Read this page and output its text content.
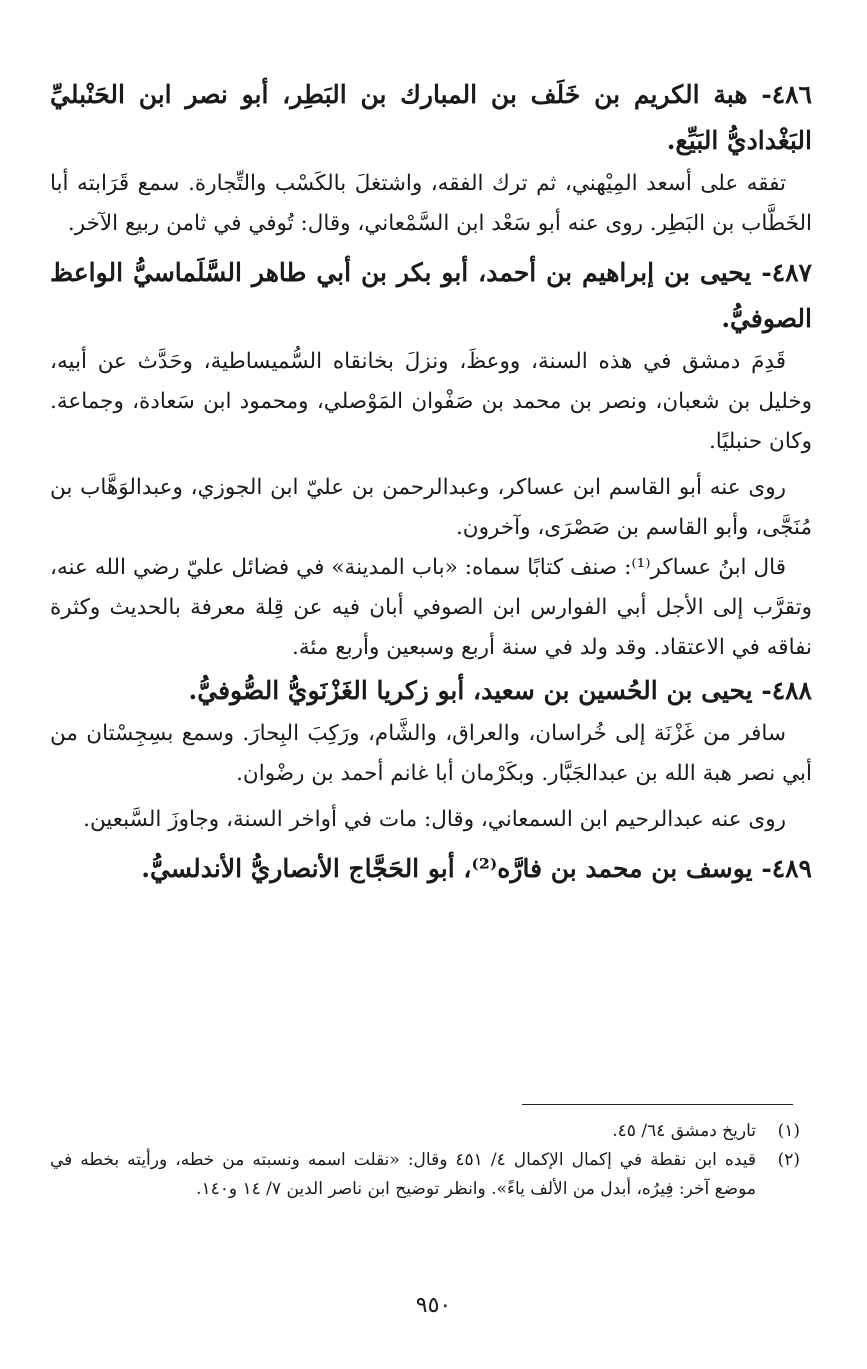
٤٨٦- هبة الكريم بن خَلَف بن المبارك بن البَطِر، أبو نصر ابن الحَنْبليِّ البَغْداديُّ البَيِّع.

تفقه على أسعد المِيْهني، ثم ترك الفقه، واشتغلَ بالكَسْب والتِّجارة. سمع قَرَابته أبا الخَطَّاب بن البَطِر. روى عنه أبو سَعْد ابن السَّمْعاني، وقال: تُوفي في ثامن ربيع الآخر.

٤٨٧- يحيى بن إبراهيم بن أحمد، أبو بكر بن أبي طاهر السَّلَماسيُّ الواعظ الصوفيُّ.

قَدِمَ دمشق في هذه السنة، ووعظَ، ونزلَ بخانقاه السُّميساطية، وحَدَّث عن أبيه، وخليل بن شعبان، ونصر بن محمد بن صَفْوان المَوْصلي، ومحمود ابن سَعادة، وجماعة. وكان حنبليًا.

روى عنه أبو القاسم ابن عساكر، وعبدالرحمن بن عليّ ابن الجوزي، وعبدالوَهَّاب بن مُنَجَّى، وأبو القاسم بن صَصْرَى، وآخرون.

قال ابنُ عساكر⁽¹⁾: صنف كتابًا سماه: «باب المدينة» في فضائل عليّ رضي الله عنه، وتقرَّب إلى الأجل أبي الفوارس ابن الصوفي أبان فيه عن قِلة معرفة بالحديث وكثرة نفاقه في الاعتقاد. وقد ولد في سنة أربع وسبعين وأربع مئة.

٤٨٨- يحيى بن الحُسين بن سعيد، أبو زكريا الغَزْنَويُّ الصُّوفيُّ.

سافر من غَزْنَة إلى خُراسان، والعراق، والشَّام، ورَكِبَ البِحارَ. وسمع بسِجِسْتان من أبي نصر هبة الله بن عبدالجَبَّار. وبكَرْمان أبا غانم أحمد بن رضْوان.

روى عنه عبدالرحيم ابن السمعاني، وقال: مات في أواخر السنة، وجاوزَ السَّبعين.

٤٨٩- يوسف بن محمد بن فارَّه⁽²⁾، أبو الحَجَّاج الأنصاريُّ الأندلسيُّ.

(١)
تاريخ دمشق ٦٤/ ٤٥.
(٢)
قيده ابن نقطة في إكمال الإكمال ٤/ ٤٥١ وقال: «نقلت اسمه ونسبته من خطه، ورأيته بخطه في موضع آخر: فِيرُه، أبدل من الألف ياءً». وانظر توضيح ابن ناصر الدين ٧/ ١٤ و١٤٠.
٩٥٠
